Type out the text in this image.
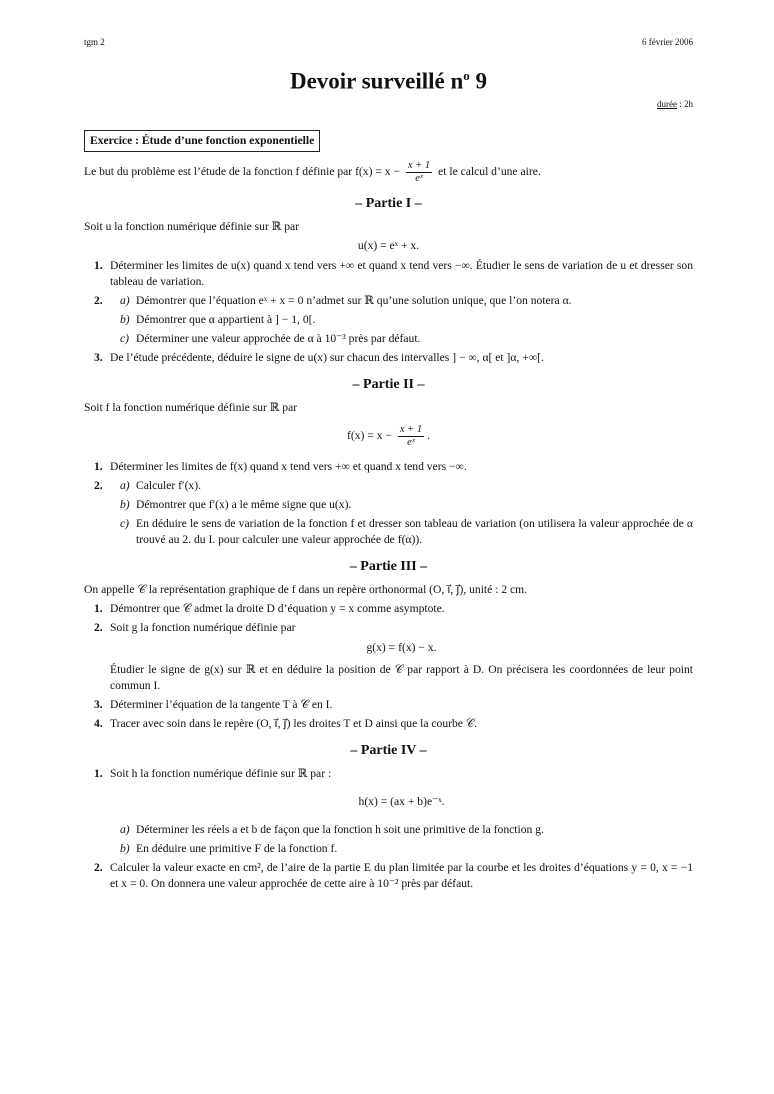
tgm 2	6 février 2006
Devoir surveillé $n^o$ 9
durée : 2h
Exercice : Étude d’une fonction exponentielle
Le but du problème est l’étude de la fonction f définie par $f(x) = x - \frac{x + 1}{\text{eˣ}}$ et le calcul d’une aire.
– Partie I –
Soit u la fonction numérique définie sur ℝ par
u(x) = eˣ + x.
1. Déterminer les limites de u(x) quand x tend vers +∞ et quand x tend vers −∞. Étudier le sens de variation de u et dresser son tableau de variation.
2. a) Démontrer que l’équation eˣ + x = 0 n’admet sur ℝ qu’une solution unique, que l’on notera α.
b) Démontrer que α appartient à ] − 1, 0[.
c) Déterminer une valeur approchée de α à 10⁻³ près par défaut.
3. De l’étude précédente, déduire le signe de u(x) sur chacun des intervalles ] − ∞, α[ et ]α, +∞[.
– Partie II –
Soit f la fonction numérique définie sur ℝ par
$f(x) = x - \frac{x + 1}{\text{eˣ}}$ .
1. Déterminer les limites de f(x) quand x tend vers +∞ et quand x tend vers −∞.
2. a) Calculer f′(x).
b) Démontrer que f′(x) a le même signe que u(x).
c) En déduire le sens de variation de la fonction f et dresser son tableau de variation (on utilisera la valeur approchée de α trouvé au 2. du I. pour calculer une valeur approchée de f(α)).
– Partie III –
On appelle 𝒞 la représentation graphique de f dans un repère orthonormal (O, ı⃗, ȷ⃗), unité : 2 cm.
1. Démontrer que 𝒞 admet la droite D d’équation y = x comme asymptote.
2. Soit g la fonction numérique définie par
g(x) = f(x) − x.
Étudier le signe de g(x) sur ℝ et en déduire la position de 𝒞 par rapport à D. On précisera les coordonnées de leur point commun I.
3. Déterminer l’équation de la tangente T à 𝒞 en I.
4. Tracer avec soin dans le repère (O, ı⃗, ȷ⃗) les droites T et D ainsi que la courbe 𝒞.
– Partie IV –
1. Soit h la fonction numérique définie sur ℝ par :
h(x) = (ax + b)e⁻ˣ.
a) Déterminer les réels a et b de façon que la fonction h soit une primitive de la fonction g.
b) En déduire une primitive F de la fonction f.
2. Calculer la valeur exacte en cm², de l’aire de la partie E du plan limitée par la courbe et les droites d’équations y = 0, x = −1 et x = 0. On donnera une valeur approchée de cette aire à 10⁻² près par défaut.
